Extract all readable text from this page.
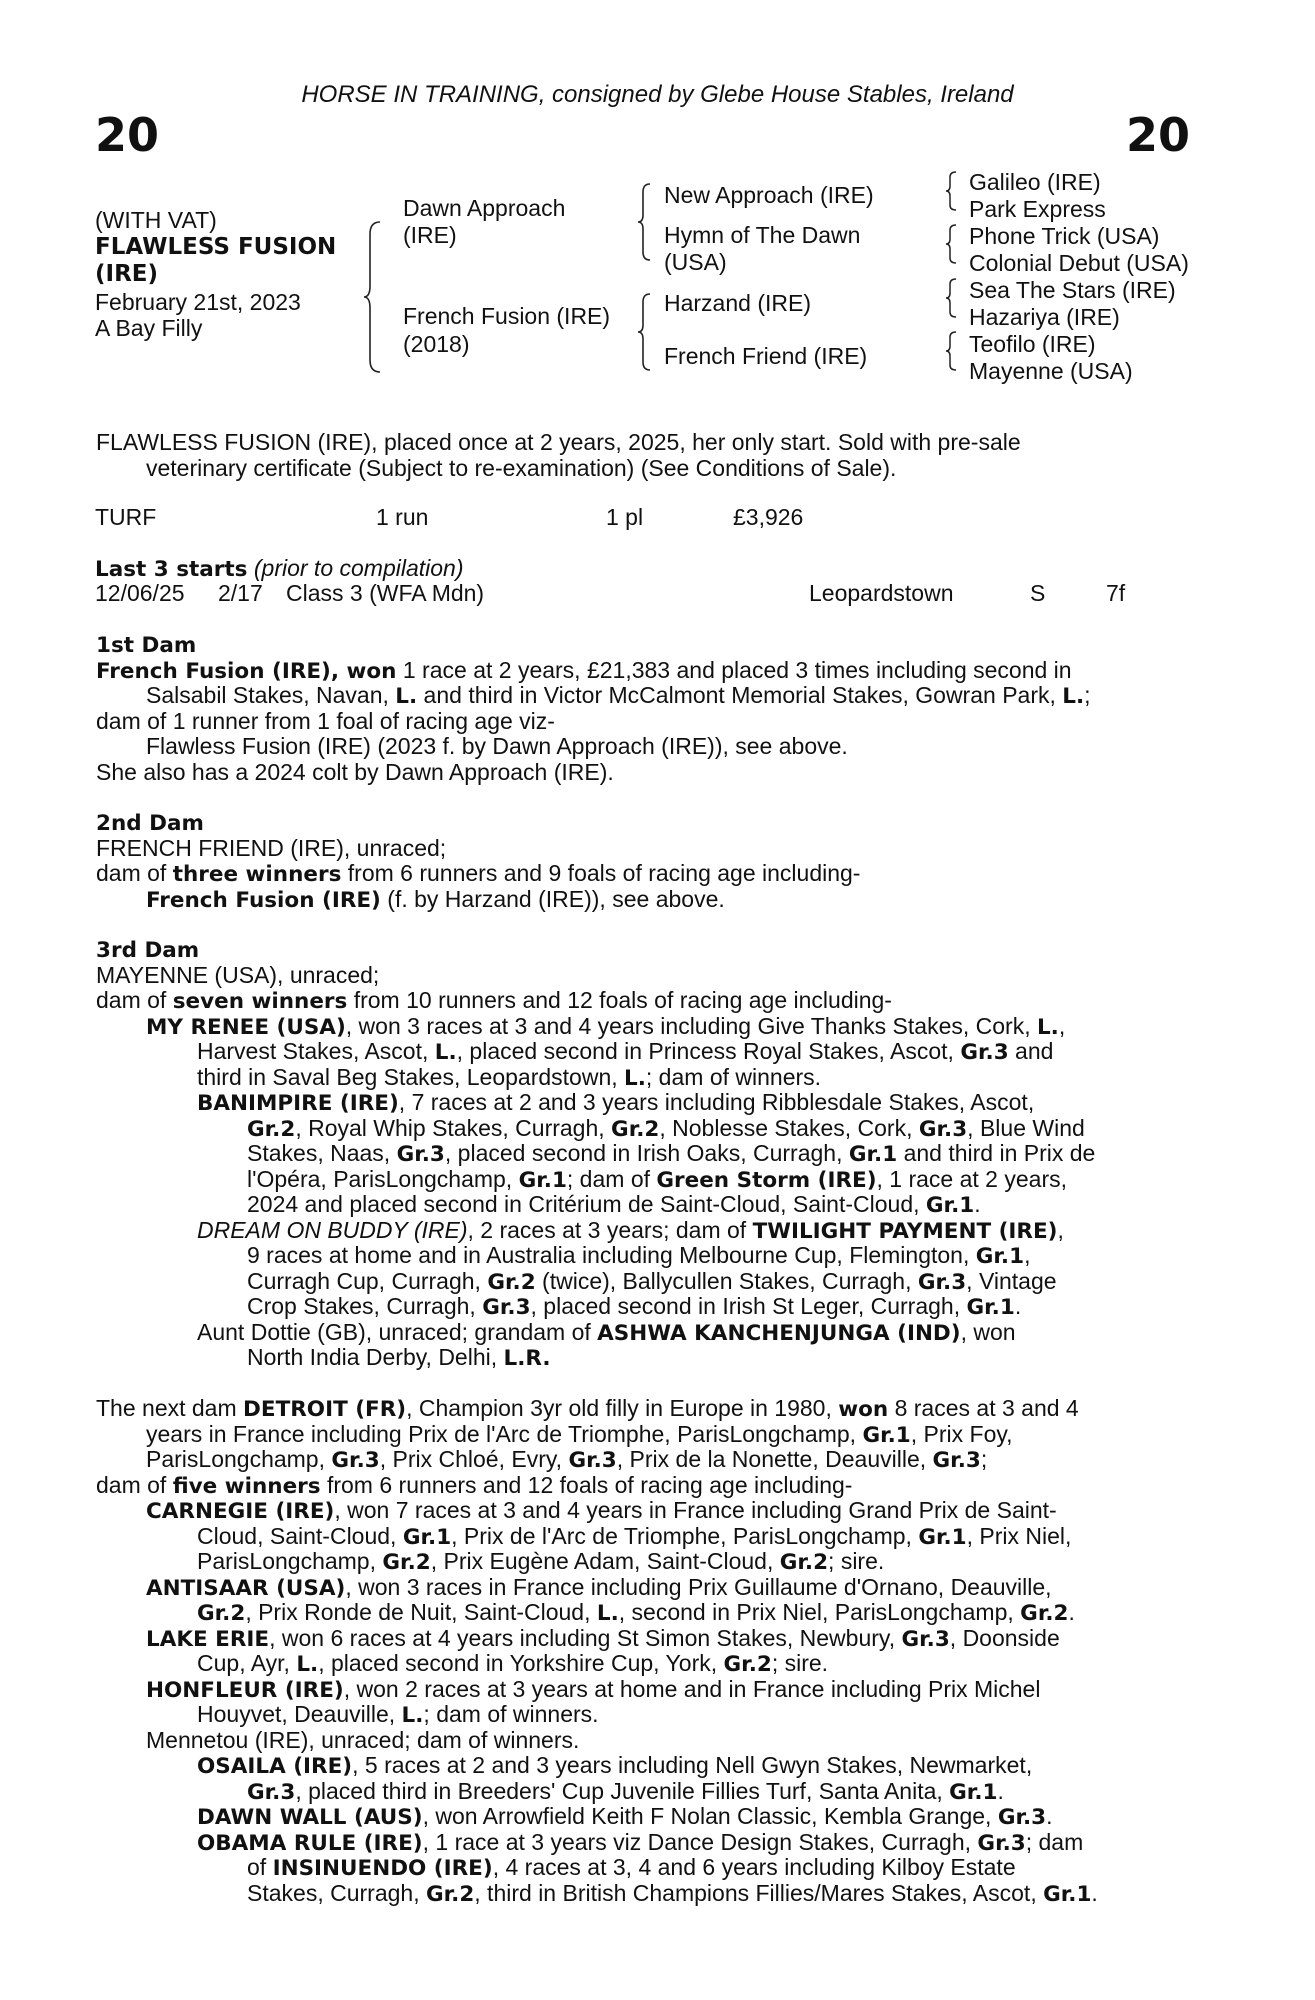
HORSE IN TRAINING, consigned by Glebe House Stables, Ireland
20	20
(WITH VAT)
FLAWLESS FUSION
(IRE)
February 21st, 2023
A Bay Filly
Dawn Approach
(IRE)
French Fusion (IRE)
(2018)
New Approach (IRE)
Hymn of The Dawn
(USA)
Harzand (IRE)
French Friend (IRE)
Galileo (IRE)
Park Express
Phone Trick (USA)
Colonial Debut (USA)
Sea The Stars (IRE)
Hazariya (IRE)
Teofilo (IRE)
Mayenne (USA)
FLAWLESS FUSION (IRE), placed once at 2 years, 2025, her only start. Sold with pre-sale
veterinary certificate (Subject to re-examination) (See Conditions of Sale).
TURF	1 run	1 pl	£3,926
Last 3 starts (prior to compilation)
12/06/25 2/17 Class 3 (WFA Mdn)	Leopardstown	S	7f
1st Dam
French Fusion (IRE), won 1 race at 2 years, £21,383 and placed 3 times including second in
Salsabil Stakes, Navan, L. and third in Victor McCalmont Memorial Stakes, Gowran Park, L.;
dam of 1 runner from 1 foal of racing age viz-
Flawless Fusion (IRE) (2023 f. by Dawn Approach (IRE)), see above.
She also has a 2024 colt by Dawn Approach (IRE).
2nd Dam
FRENCH FRIEND (IRE), unraced;
dam of three winners from 6 runners and 9 foals of racing age including-
French Fusion (IRE) (f. by Harzand (IRE)), see above.
3rd Dam
MAYENNE (USA), unraced;
dam of seven winners from 10 runners and 12 foals of racing age including-
MY RENEE (USA), won 3 races at 3 and 4 years including Give Thanks Stakes, Cork, L.,
Harvest Stakes, Ascot, L., placed second in Princess Royal Stakes, Ascot, Gr.3 and
third in Saval Beg Stakes, Leopardstown, L.; dam of winners.
BANIMPIRE (IRE), 7 races at 2 and 3 years including Ribblesdale Stakes, Ascot,
Gr.2, Royal Whip Stakes, Curragh, Gr.2, Noblesse Stakes, Cork, Gr.3, Blue Wind
Stakes, Naas, Gr.3, placed second in Irish Oaks, Curragh, Gr.1 and third in Prix de
l'Opéra, ParisLongchamp, Gr.1; dam of Green Storm (IRE), 1 race at 2 years,
2024 and placed second in Critérium de Saint-Cloud, Saint-Cloud, Gr.1.
DREAM ON BUDDY (IRE), 2 races at 3 years; dam of TWILIGHT PAYMENT (IRE),
9 races at home and in Australia including Melbourne Cup, Flemington, Gr.1,
Curragh Cup, Curragh, Gr.2 (twice), Ballycullen Stakes, Curragh, Gr.3, Vintage
Crop Stakes, Curragh, Gr.3, placed second in Irish St Leger, Curragh, Gr.1.
Aunt Dottie (GB), unraced; grandam of ASHWA KANCHENJUNGA (IND), won
North India Derby, Delhi, L.R.
The next dam DETROIT (FR), Champion 3yr old filly in Europe in 1980, won 8 races at 3 and 4
years in France including Prix de l'Arc de Triomphe, ParisLongchamp, Gr.1, Prix Foy,
ParisLongchamp, Gr.3, Prix Chloé, Evry, Gr.3, Prix de la Nonette, Deauville, Gr.3;
dam of five winners from 6 runners and 12 foals of racing age including-
CARNEGIE (IRE), won 7 races at 3 and 4 years in France including Grand Prix de Saint-
Cloud, Saint-Cloud, Gr.1, Prix de l'Arc de Triomphe, ParisLongchamp, Gr.1, Prix Niel,
ParisLongchamp, Gr.2, Prix Eugène Adam, Saint-Cloud, Gr.2; sire.
ANTISAAR (USA), won 3 races in France including Prix Guillaume d'Ornano, Deauville,
Gr.2, Prix Ronde de Nuit, Saint-Cloud, L., second in Prix Niel, ParisLongchamp, Gr.2.
LAKE ERIE, won 6 races at 4 years including St Simon Stakes, Newbury, Gr.3, Doonside
Cup, Ayr, L., placed second in Yorkshire Cup, York, Gr.2; sire.
HONFLEUR (IRE), won 2 races at 3 years at home and in France including Prix Michel
Houyvet, Deauville, L.; dam of winners.
Mennetou (IRE), unraced; dam of winners.
OSAILA (IRE), 5 races at 2 and 3 years including Nell Gwyn Stakes, Newmarket,
Gr.3, placed third in Breeders' Cup Juvenile Fillies Turf, Santa Anita, Gr.1.
DAWN WALL (AUS), won Arrowfield Keith F Nolan Classic, Kembla Grange, Gr.3.
OBAMA RULE (IRE), 1 race at 3 years viz Dance Design Stakes, Curragh, Gr.3; dam
of INSINUENDO (IRE), 4 races at 3, 4 and 6 years including Kilboy Estate
Stakes, Curragh, Gr.2, third in British Champions Fillies/Mares Stakes, Ascot, Gr.1.
